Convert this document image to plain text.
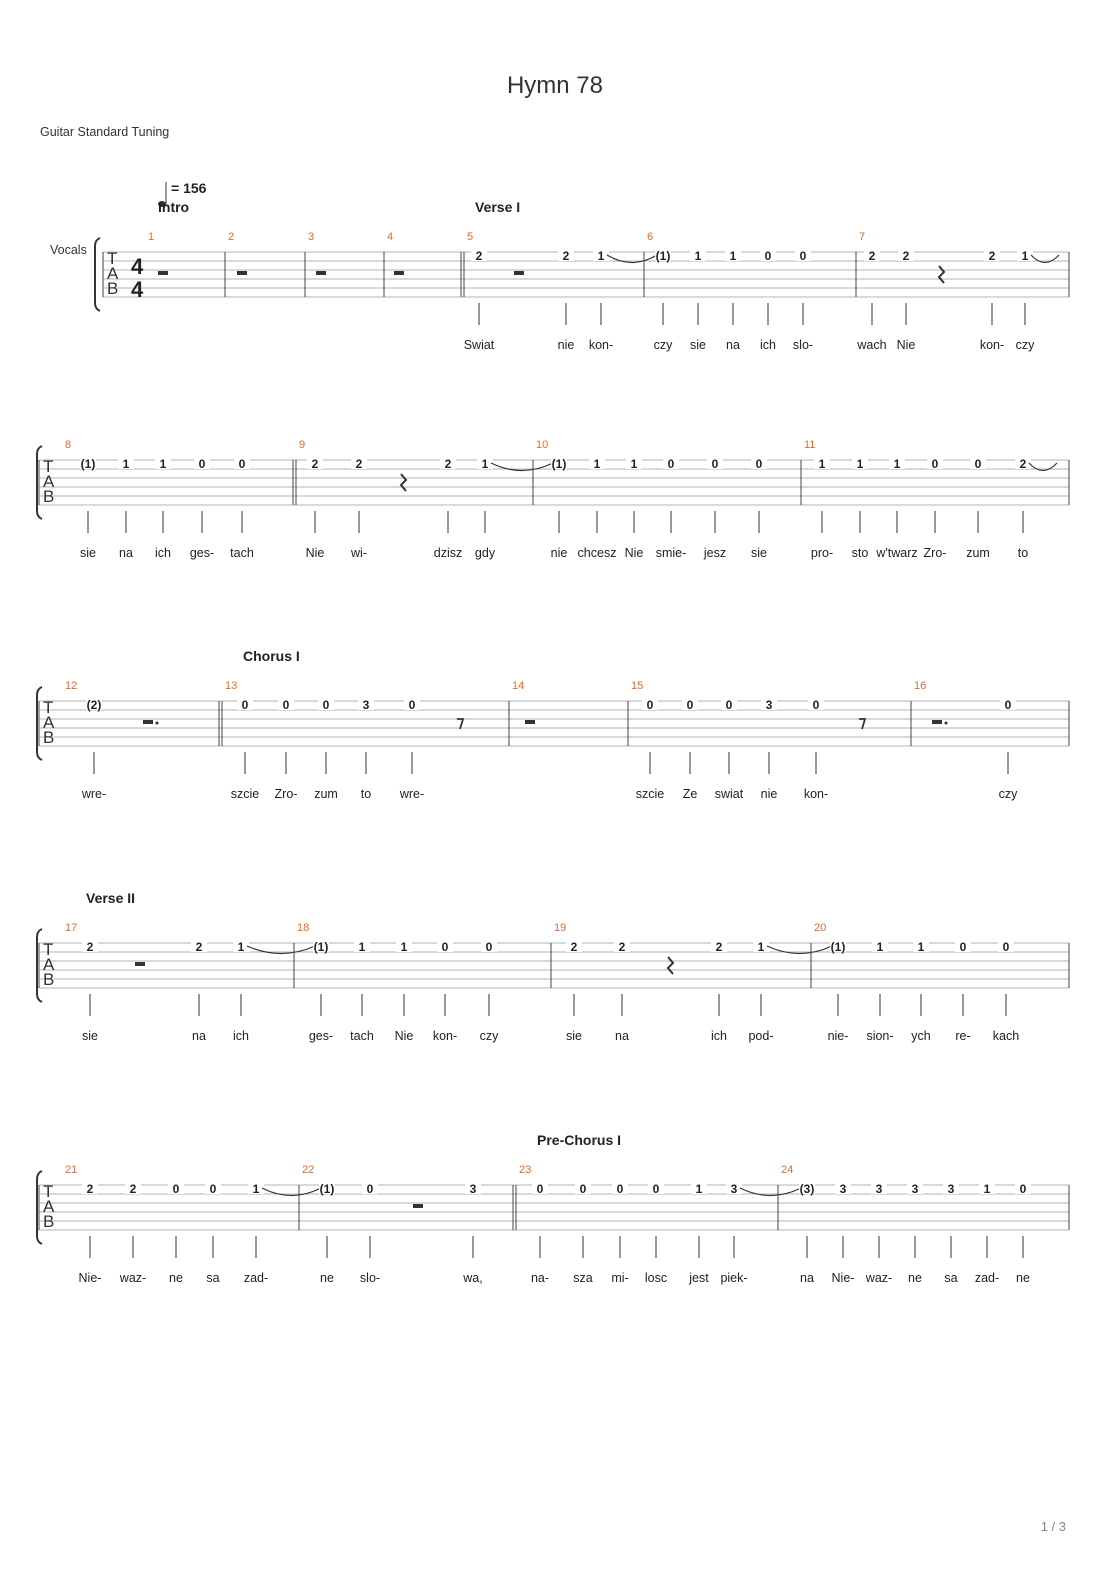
Hymn 78
Guitar Standard Tuning
= 156
Vocals T
A
B
4
4
Intro	Verse I
1	2	3	4	5
2
Swiat
2
nie
1
kon-
6
(1)
czy
1
sie
1
na
0
ich
0
slo-
7
2
wach
2
Nie
2
kon-
1
czy
T
A
B
8
(1)
sie
1
na
1
ich
0
ges-
0
tach
9
2
Nie
2
wi-
2
dzisz
1
gdy
10
(1)
nie
1
chcesz
1
Nie
0
smie-
0
jesz
0
sie
11
1
pro-
1
sto
1
w'twarz
0
Zro-
0
zum
2
to
T
A
B
Chorus I
12
(2)
wre-
13
0
szcie
0
Zro-
0
zum
3
to
0
wre-
14	15
0
szcie
0
Ze
0
swiat
3
nie
0
kon-
16
0
czy
T
A
B
Verse II
17
2
sie
2
na
1
ich
18
(1)
ges-
1
tach
1
Nie
0
kon-
0
czy
19
2
sie
2
na
2
ich
1
pod-
20
(1)
nie-
1
sion-
1
ych
0
re-
0
kach
T
A
B
Pre-Chorus I
21
2
Nie-
2
waz-
0
ne
0
sa
1
zad-
22
(1)
ne
0
slo-
3
wa,
23
0
na-
0
sza
0
mi-
0
losc
1
jest
3
piek-
24
(3)
na
3
Nie-
3
waz-
3
ne
3
sa
1
zad-
0
ne
1 / 3
